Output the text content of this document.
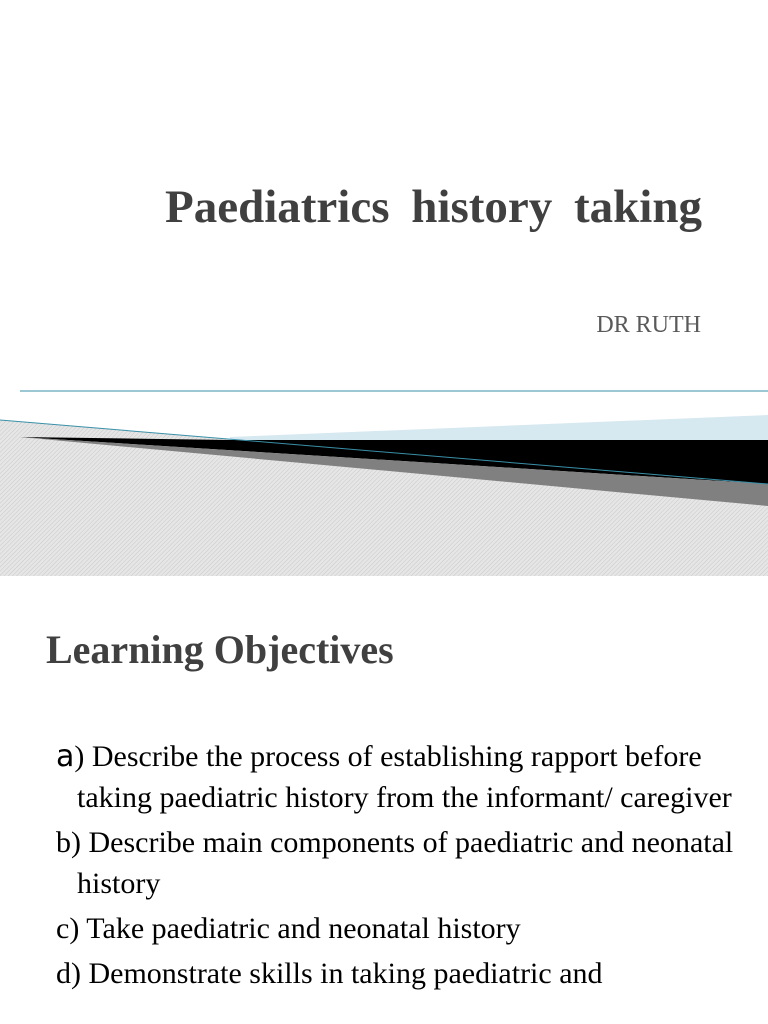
Paediatrics history taking

DR RUTH

Learning Objectives
a) Describe the process of establishing rapport before taking paediatric history from the informant/ caregiver
b) Describe main components of paediatric and neonatal history
c) Take paediatric and neonatal history
d) Demonstrate skills in taking paediatric and
